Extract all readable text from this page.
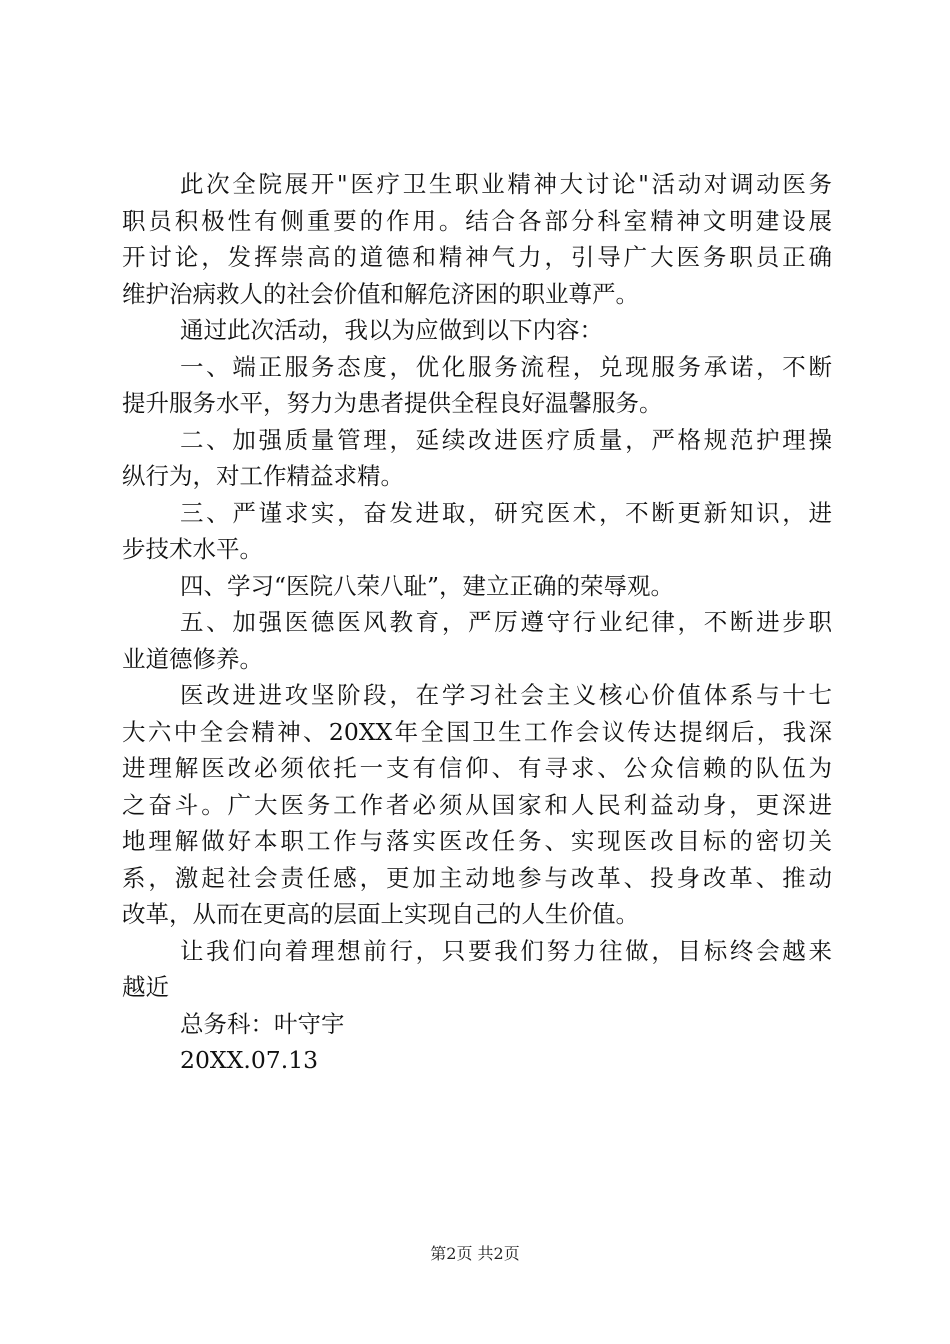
此次全院展开"医疗卫生职业精神大讨论"活动对调动医务
职员积极性有侧重要的作用。结合各部分科室精神文明建设展
开讨论，发挥崇高的道德和精神气力，引导广大医务职员正确
维护治病救人的社会价值和解危济困的职业尊严。
通过此次活动，我以为应做到以下内容：
一、端正服务态度，优化服务流程，兑现服务承诺，不断
提升服务水平，努力为患者提供全程良好温馨服务。
二、加强质量管理，延续改进医疗质量，严格规范护理操
纵行为，对工作精益求精。
三、严谨求实，奋发进取，研究医术，不断更新知识，进
步技术水平。
四、学习“医院八荣八耻”，建立正确的荣辱观。
五、加强医德医风教育，严厉遵守行业纪律，不断进步职
业道德修养。
医改进进攻坚阶段，在学习社会主义核心价值体系与十七
大六中全会精神、20XX年全国卫生工作会议传达提纲后，我深
进理解医改必须依托一支有信仰、有寻求、公众信赖的队伍为
之奋斗。广大医务工作者必须从国家和人民利益动身，更深进
地理解做好本职工作与落实医改任务、实现医改目标的密切关
系，激起社会责任感，更加主动地参与改革、投身改革、推动
改革，从而在更高的层面上实现自己的人生价值。
让我们向着理想前行，只要我们努力往做，目标终会越来
越近
总务科：叶守宇
20XX.07.13
第2页 共2页
